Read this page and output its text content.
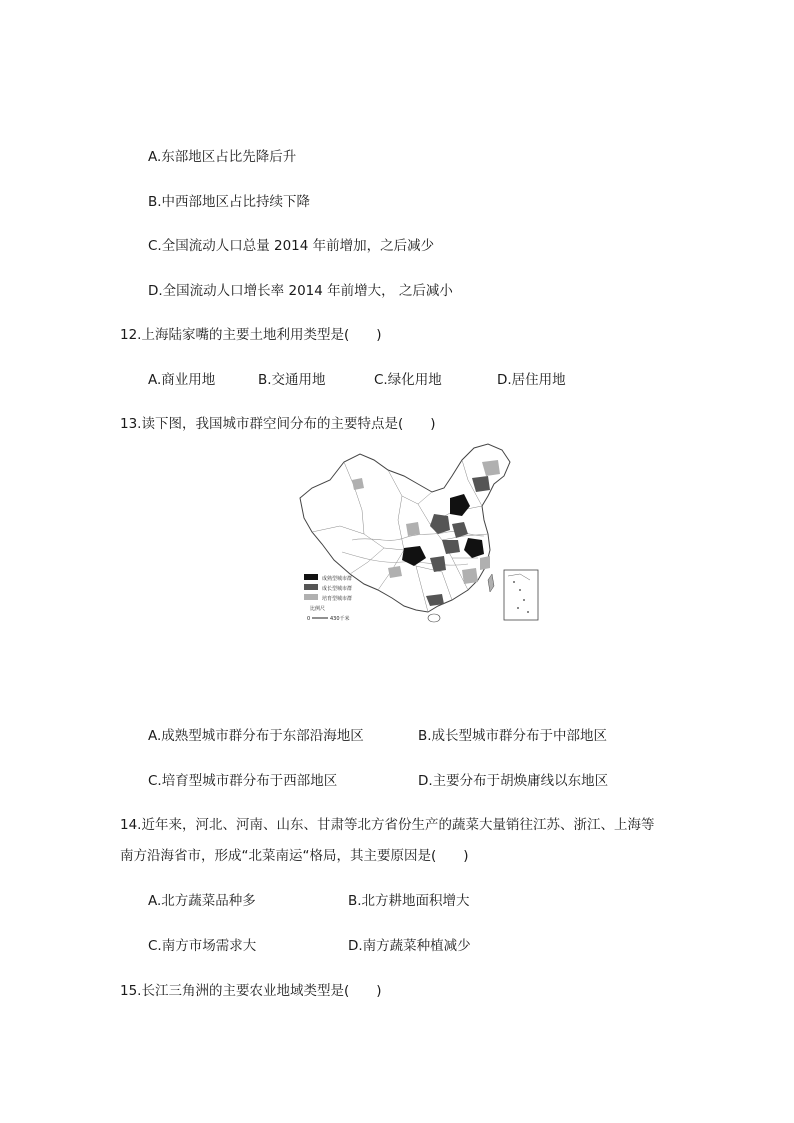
A.东部地区占比先降后升
B.中西部地区占比持续下降
C.全国流动人口总量 2014 年前增加，之后减少
D.全国流动人口增长率 2014 年前增大， 之后减小
12.上海陆家嘴的主要土地利用类型是(　　)
A.商业用地	B.交通用地	C.绿化用地	D.居住用地
13.读下图，我国城市群空间分布的主要特点是(　　)
成熟型城市群
成长型城市群
培育型城市群
比例尺
0	430千米
A.成熟型城市群分布于东部沿海地区	B.成长型城市群分布于中部地区
C.培育型城市群分布于西部地区	D.主要分布于胡焕庸线以东地区
14.近年来，河北、河南、山东、甘肃等北方省份生产的蔬菜大量销往江苏、浙江、上海等
南方沿海省市，形成“北菜南运“格局，其主要原因是(　　)
A.北方蔬菜品种多	B.北方耕地面积增大
C.南方市场需求大	D.南方蔬菜种植减少
15.长江三角洲的主要农业地域类型是(　　)
